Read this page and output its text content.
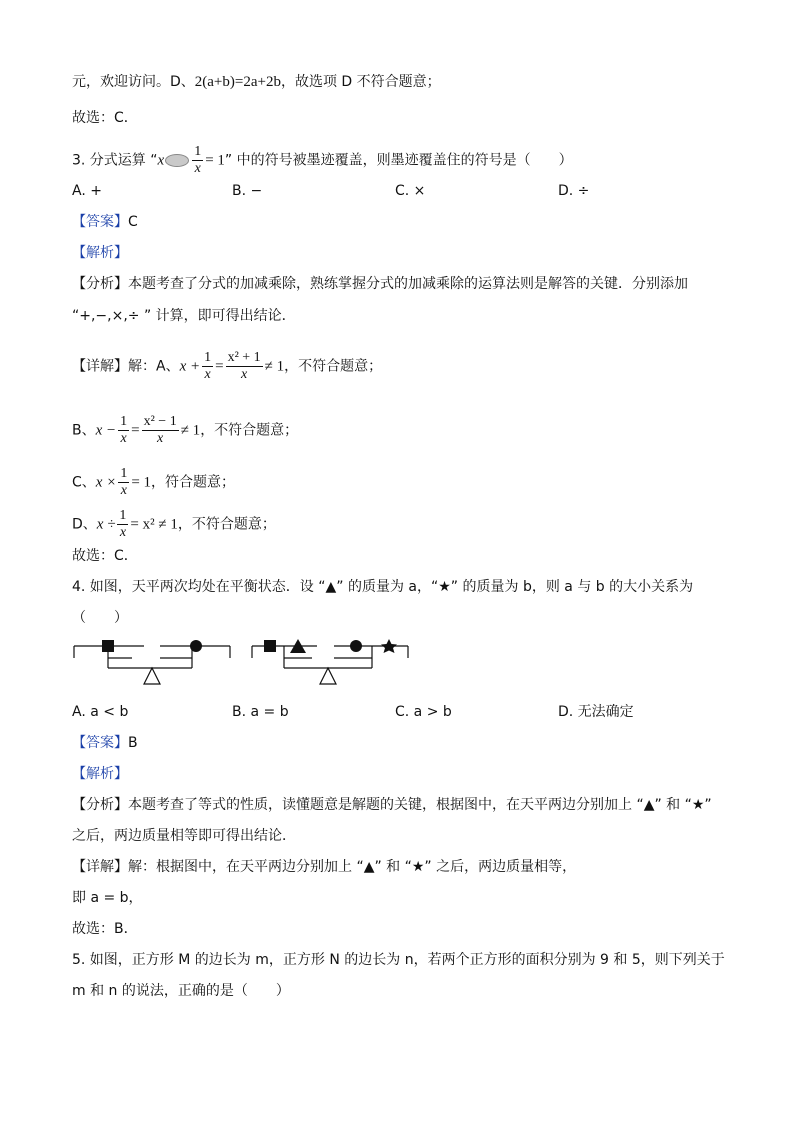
元，欢迎访问。D、2(a+b)=2a+2b，故选项 D 不符合题意；
故选：C．
3. 分式运算 “$x \frac{1}{x} = 1$” 中的符号被墨迹覆盖，则墨迹覆盖住的符号是（　　）
A. +	B. −	C. ×	D. ÷
【答案】C
【解析】
【分析】本题考查了分式的加减乘除，熟练掌握分式的加减乘除的运算法则是解答的关键．分别添加
“+,−,×,÷ ” 计算，即可得出结论．
【详解】解：A、$x + \frac{1}{x} = \frac{\text{x² + 1}}{x} \ne 1$，不符合题意；
B、$x - \frac{1}{x} = \frac{\text{x² − 1}}{x} \ne 1$，不符合题意；
C、$x \times \frac{1}{x} = 1$，符合题意；
D、$x \div \frac{1}{x} = x^2 \ne 1$，不符合题意；
故选：C．
4. 如图，天平两次均处在平衡状态．设 “▲” 的质量为 a，“★” 的质量为 b，则 a 与 b 的大小关系为
（　　）
A. a < b	B. a = b	C. a > b	D. 无法确定
【答案】B
【解析】
【分析】本题考查了等式的性质，读懂题意是解题的关键，根据图中，在天平两边分别加上 “▲” 和 “★”
之后，两边质量相等即可得出结论．
【详解】解：根据图中，在天平两边分别加上 “▲” 和 “★” 之后，两边质量相等，
即 a = b，
故选：B．
5. 如图，正方形 M 的边长为 m，正方形 N 的边长为 n，若两个正方形的面积分别为 9 和 5，则下列关于
m 和 n 的说法，正确的是（　　）
